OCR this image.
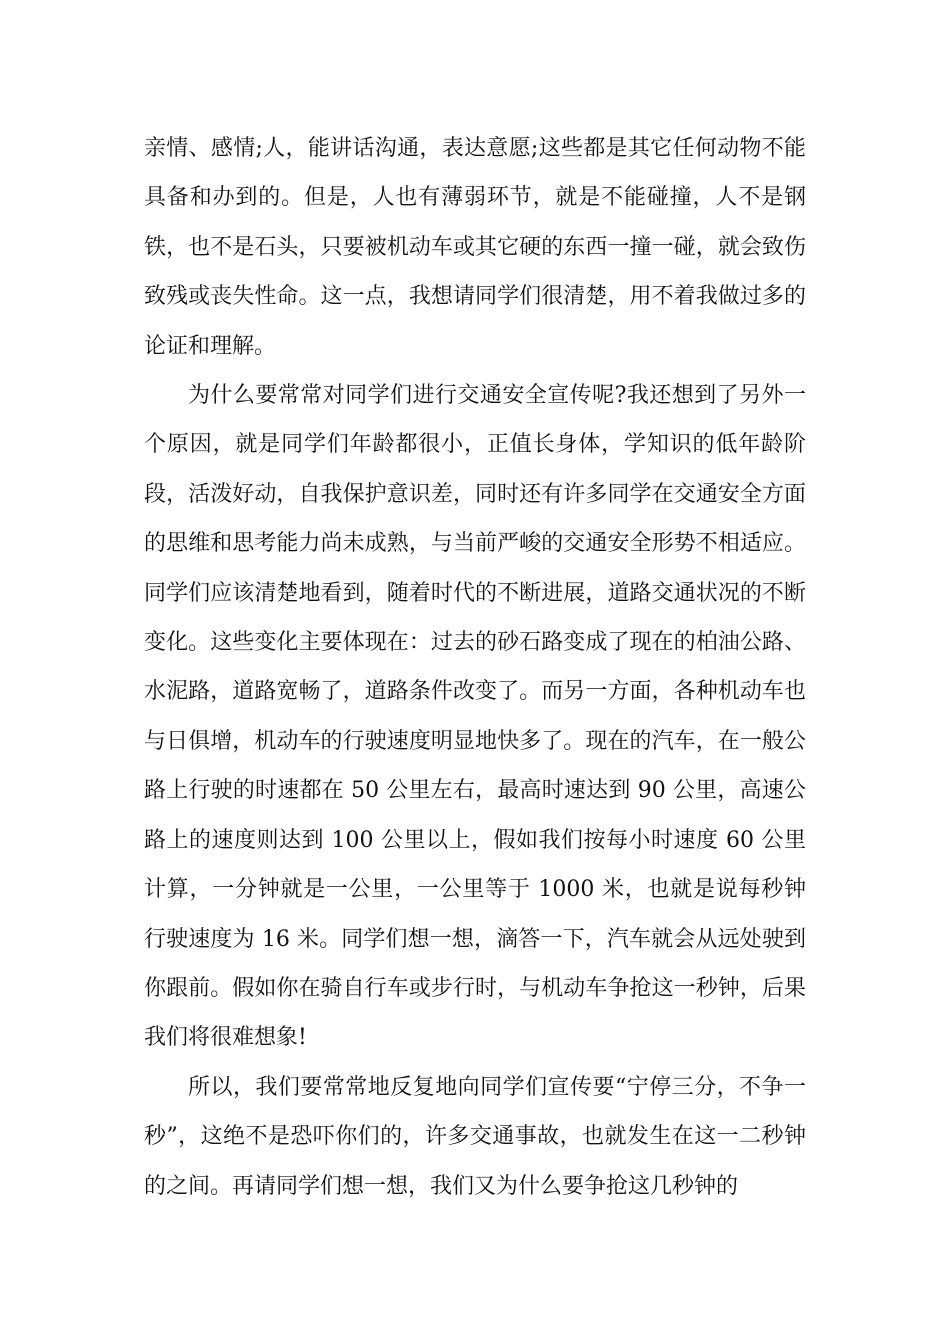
亲情、感情;人，能讲话沟通，表达意愿;这些都是其它任何动物不能具备和办到的。但是，人也有薄弱环节，就是不能碰撞，人不是钢铁，也不是石头，只要被机动车或其它硬的东西一撞一碰，就会致伤致残或丧失性命。这一点，我想请同学们很清楚，用不着我做过多的论证和理解。

为什么要常常对同学们进行交通安全宣传呢?我还想到了另外一个原因，就是同学们年龄都很小，正值长身体，学知识的低年龄阶段，活泼好动，自我保护意识差，同时还有许多同学在交通安全方面的思维和思考能力尚未成熟，与当前严峻的交通安全形势不相适应。同学们应该清楚地看到，随着时代的不断进展，道路交通状况的不断变化。这些变化主要体现在：过去的砂石路变成了现在的柏油公路、水泥路，道路宽畅了，道路条件改变了。而另一方面，各种机动车也与日俱增，机动车的行驶速度明显地快多了。现在的汽车，在一般公路上行驶的时速都在 50 公里左右，最高时速达到 90 公里，高速公路上的速度则达到 100 公里以上，假如我们按每小时速度 60 公里计算，一分钟就是一公里，一公里等于 1000 米，也就是说每秒钟行驶速度为 16 米。同学们想一想，滴答一下，汽车就会从远处驶到你跟前。假如你在骑自行车或步行时，与机动车争抢这一秒钟，后果我们将很难想象!

所以，我们要常常地反复地向同学们宣传要“宁停三分，不争一秒”，这绝不是恐吓你们的，许多交通事故，也就发生在这一二秒钟的之间。再请同学们想一想，我们又为什么要争抢这几秒钟的
